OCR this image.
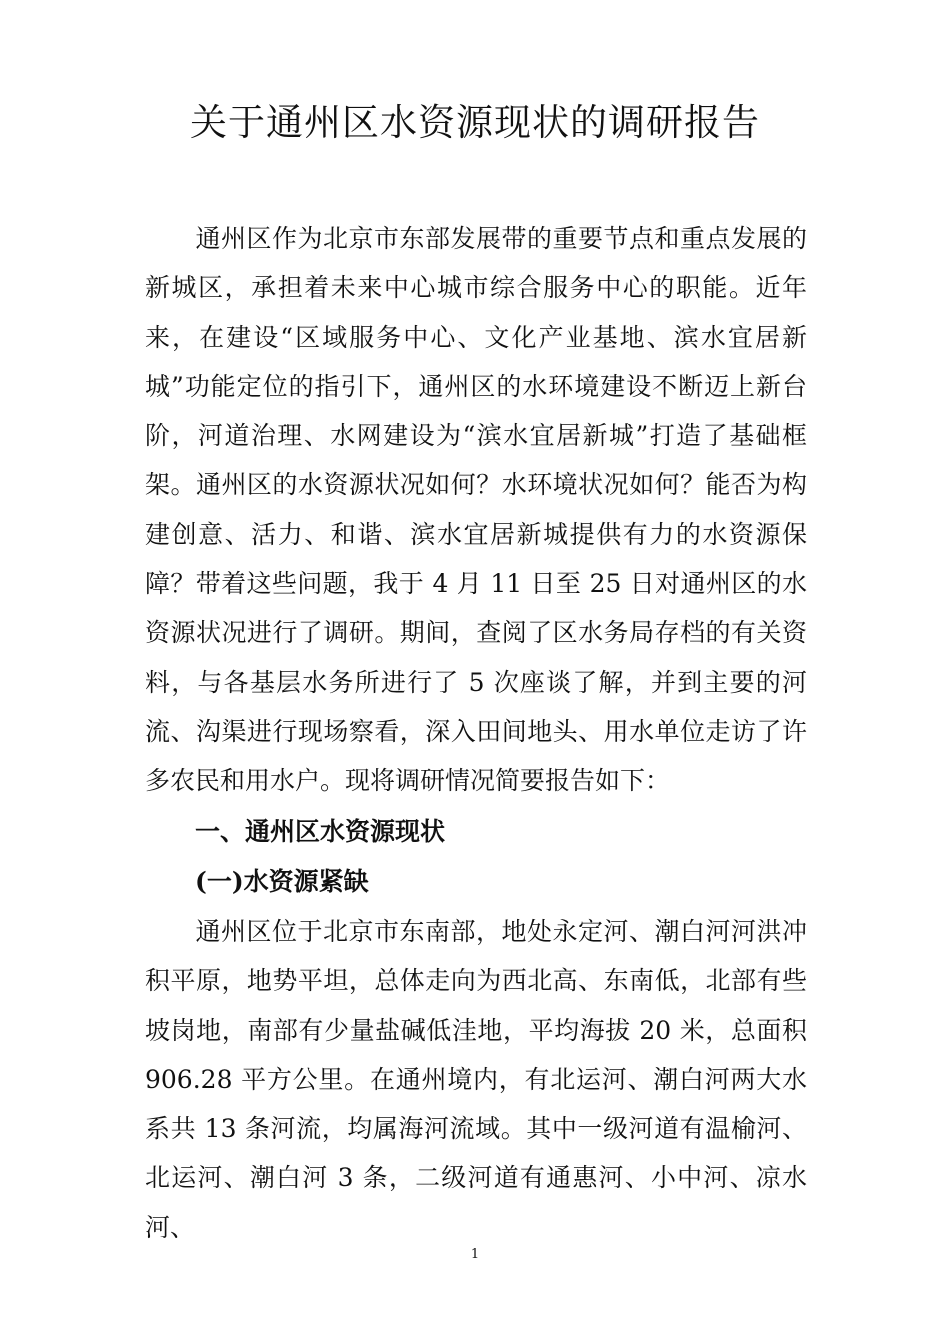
关于通州区水资源现状的调研报告

通州区作为北京市东部发展带的重要节点和重点发展的新城区，承担着未来中心城市综合服务中心的职能。近年来，在建设“区域服务中心、文化产业基地、滨水宜居新城”功能定位的指引下，通州区的水环境建设不断迈上新台阶，河道治理、水网建设为“滨水宜居新城”打造了基础框架。通州区的水资源状况如何？水环境状况如何？能否为构建创意、活力、和谐、滨水宜居新城提供有力的水资源保 障？带着这些问题，我于 4 月 11 日至 25 日对通州区的水资源状况进行了调研。期间，查阅了区水务局存档的有关资料，与各基层水务所进行了 5 次座谈了解，并到主要的河流、沟渠进行现场察看，深入田间地头、用水单位走访了许多农民和用水户。现将调研情况简要报告如下：

一、通州区水资源现状
(一)水资源紧缺

通州区位于北京市东南部，地处永定河、潮白河河洪冲积平原，地势平坦，总体走向为西北高、东南低，北部有些坡岗地，南部有少量盐碱低洼地，平均海拔 20 米，总面积 906.28 平方公里。在通州境内，有北运河、潮白河两大水系共 13 条河流，均属海河流域。其中一级河道有温榆河、北运河、潮白河 3 条，二级河道有通惠河、小中河、凉水河、

1
